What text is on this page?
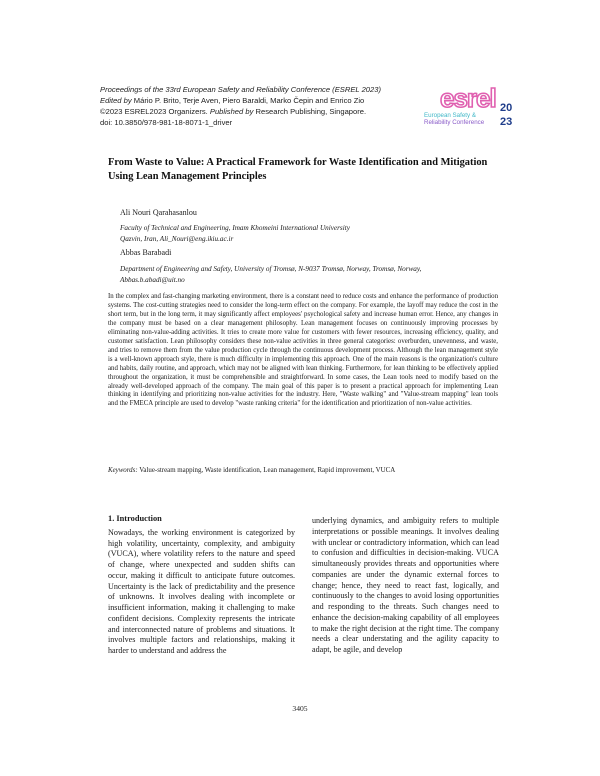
Proceedings of the 33rd European Safety and Reliability Conference (ESREL 2023)
Edited by Mário P. Brito, Terje Aven, Piero Baraldi, Marko Čepin and Enrico Zio
©2023 ESREL2023 Organizers. Published by Research Publishing, Singapore.
doi: 10.3850/978-981-18-8071-1_driver
esrel
European Safety &
Reliability Conference
20
23
From Waste to Value: A Practical Framework for Waste Identification and Mitigation Using Lean Management Principles
Ali Nouri Qarahasanlou
Faculty of Technical and Engineering, Imam Khomeini International University
Qazvin, Iran, Ali_Nouri@eng.ikiu.ac.ir
Abbas Barabadi
Department of Engineering and Safety, University of Tromsø, N-9037 Tromsø, Norway, Tromsø, Norway,
Abbas.b.abadi@uit.no
In the complex and fast-changing marketing environment, there is a constant need to reduce costs and enhance the performance of production systems. The cost-cutting strategies need to consider the long-term effect on the company. For example, the layoff may reduce the cost in the short term, but in the long term, it may significantly affect employees' psychological safety and increase human error. Hence, any changes in the company must be based on a clear management philosophy. Lean management focuses on continuously improving processes by eliminating non-value-adding activities. It tries to create more value for customers with fewer resources, increasing efficiency, quality, and customer satisfaction. Lean philosophy considers these non-value activities in three general categories: overburden, unevenness, and waste, and tries to remove them from the value production cycle through the continuous development process. Although the lean management style is a well-known approach style, there is much difficulty in implementing this approach. One of the main reasons is the organization's culture and habits, daily routine, and approach, which may not be aligned with lean thinking. Furthermore, for lean thinking to be effectively applied throughout the organization, it must be comprehensible and straightforward. In some cases, the Lean tools need to modify based on the already well-developed approach of the company. The main goal of this paper is to present a practical approach for implementing Lean thinking in identifying and prioritizing non-value activities for the industry. Here, "Waste walking" and "Value-stream mapping" lean tools and the FMECA principle are used to develop "waste ranking criteria" for the identification and prioritization of non-value activities.
Keywords: Value-stream mapping, Waste identification, Lean management, Rapid improvement, VUCA
1. Introduction
Nowadays, the working environment is categorized by high volatility, uncertainty, complexity, and ambiguity (VUCA), where volatility refers to the nature and speed of change, where unexpected and sudden shifts can occur, making it difficult to anticipate future outcomes. Uncertainty is the lack of predictability and the presence of unknowns. It involves dealing with incomplete or insufficient information, making it challenging to make confident decisions. Complexity represents the intricate and interconnected nature of problems and situations. It involves multiple factors and relationships, making it harder to understand and address the
underlying dynamics, and ambiguity refers to multiple interpretations or possible meanings. It involves dealing with unclear or contradictory information, which can lead to confusion and difficulties in decision-making. VUCA simultaneously provides threats and opportunities where companies are under the dynamic external forces to change; hence, they need to react fast, logically, and continuously to the changes to avoid losing opportunities and responding to the threats. Such changes need to enhance the decision-making capability of all employees to make the right decision at the right time. The company needs a clear understating and the agility capacity to adapt, be agile, and develop
3405
